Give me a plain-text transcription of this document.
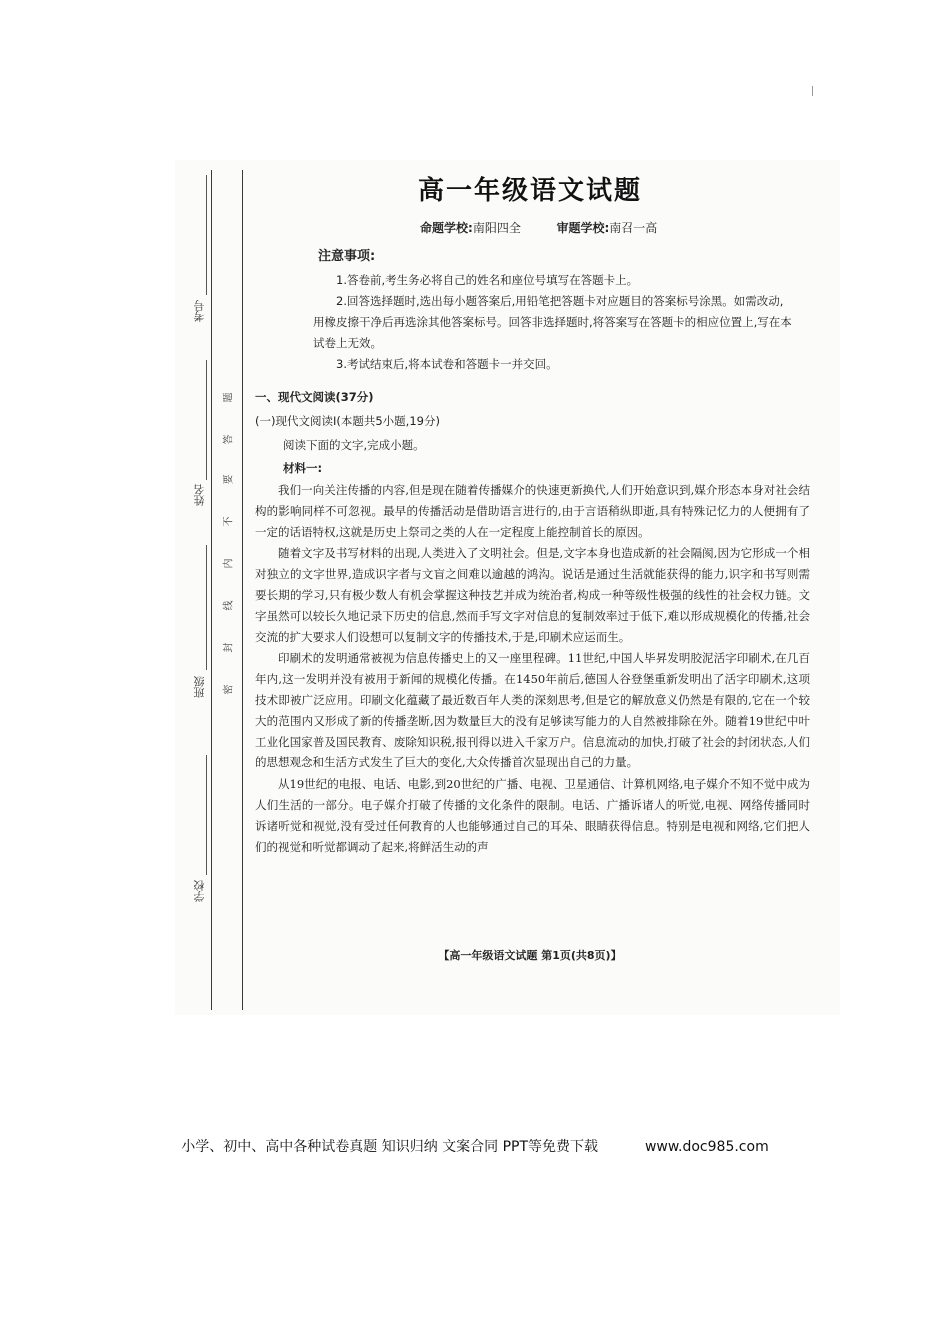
考号
姓名
班级
学校
题
答
要
不
内
线
封
密
高一年级语文试题
命题学校:南阳四全	审题学校:南召一高
注意事项:

1.答卷前,考生务必将自己的姓名和座位号填写在答题卡上。

2.回答选择题时,选出每小题答案后,用铅笔把答题卡对应题目的答案标号涂黑。如需改动,用橡皮擦干净后再选涂其他答案标号。回答非选择题时,将答案写在答题卡的相应位置上,写在本试卷上无效。

3.考试结束后,将本试卷和答题卡一并交回。

一、现代文阅读(37分)
(一)现代文阅读Ⅰ(本题共5小题,19分)
阅读下面的文字,完成小题。
材料一:

我们一向关注传播的内容,但是现在随着传播媒介的快速更新换代,人们开始意识到,媒介形态本身对社会结构的影响同样不可忽视。最早的传播活动是借助语言进行的,由于言语稍纵即逝,具有特殊记忆力的人便拥有了一定的话语特权,这就是历史上祭司之类的人在一定程度上能控制首长的原因。

随着文字及书写材料的出现,人类进入了文明社会。但是,文字本身也造成新的社会隔阂,因为它形成一个相对独立的文字世界,造成识字者与文盲之间难以逾越的鸿沟。说话是通过生活就能获得的能力,识字和书写则需要长期的学习,只有极少数人有机会掌握这种技艺并成为统治者,构成一种等级性极强的线性的社会权力链。文字虽然可以较长久地记录下历史的信息,然而手写文字对信息的复制效率过于低下,难以形成规模化的传播,社会交流的扩大要求人们设想可以复制文字的传播技术,于是,印刷术应运而生。

印刷术的发明通常被视为信息传播史上的又一座里程碑。11世纪,中国人毕昇发明胶泥活字印刷术,在几百年内,这一发明并没有被用于新闻的规模化传播。在1450年前后,德国人谷登堡重新发明出了活字印刷术,这项技术即被广泛应用。印刷文化蕴藏了最近数百年人类的深刻思考,但是它的解放意义仍然是有限的,它在一个较大的范围内又形成了新的传播垄断,因为数量巨大的没有足够读写能力的人自然被排除在外。随着19世纪中叶工业化国家普及国民教育、废除知识税,报刊得以进入千家万户。信息流动的加快,打破了社会的封闭状态,人们的思想观念和生活方式发生了巨大的变化,大众传播首次显现出自己的力量。

从19世纪的电报、电话、电影,到20世纪的广播、电视、卫星通信、计算机网络,电子媒介不知不觉中成为人们生活的一部分。电子媒介打破了传播的文化条件的限制。电话、广播诉诸人的听觉,电视、网络传播同时诉诸听觉和视觉,没有受过任何教育的人也能够通过自己的耳朵、眼睛获得信息。特别是电视和网络,它们把人们的视觉和听觉都调动了起来,将鲜活生动的声

【高一年级语文试题 第1页(共8页)】
小学、初中、高中各种试卷真题 知识归纳 文案合同 PPT等免费下载	www.doc985.com
